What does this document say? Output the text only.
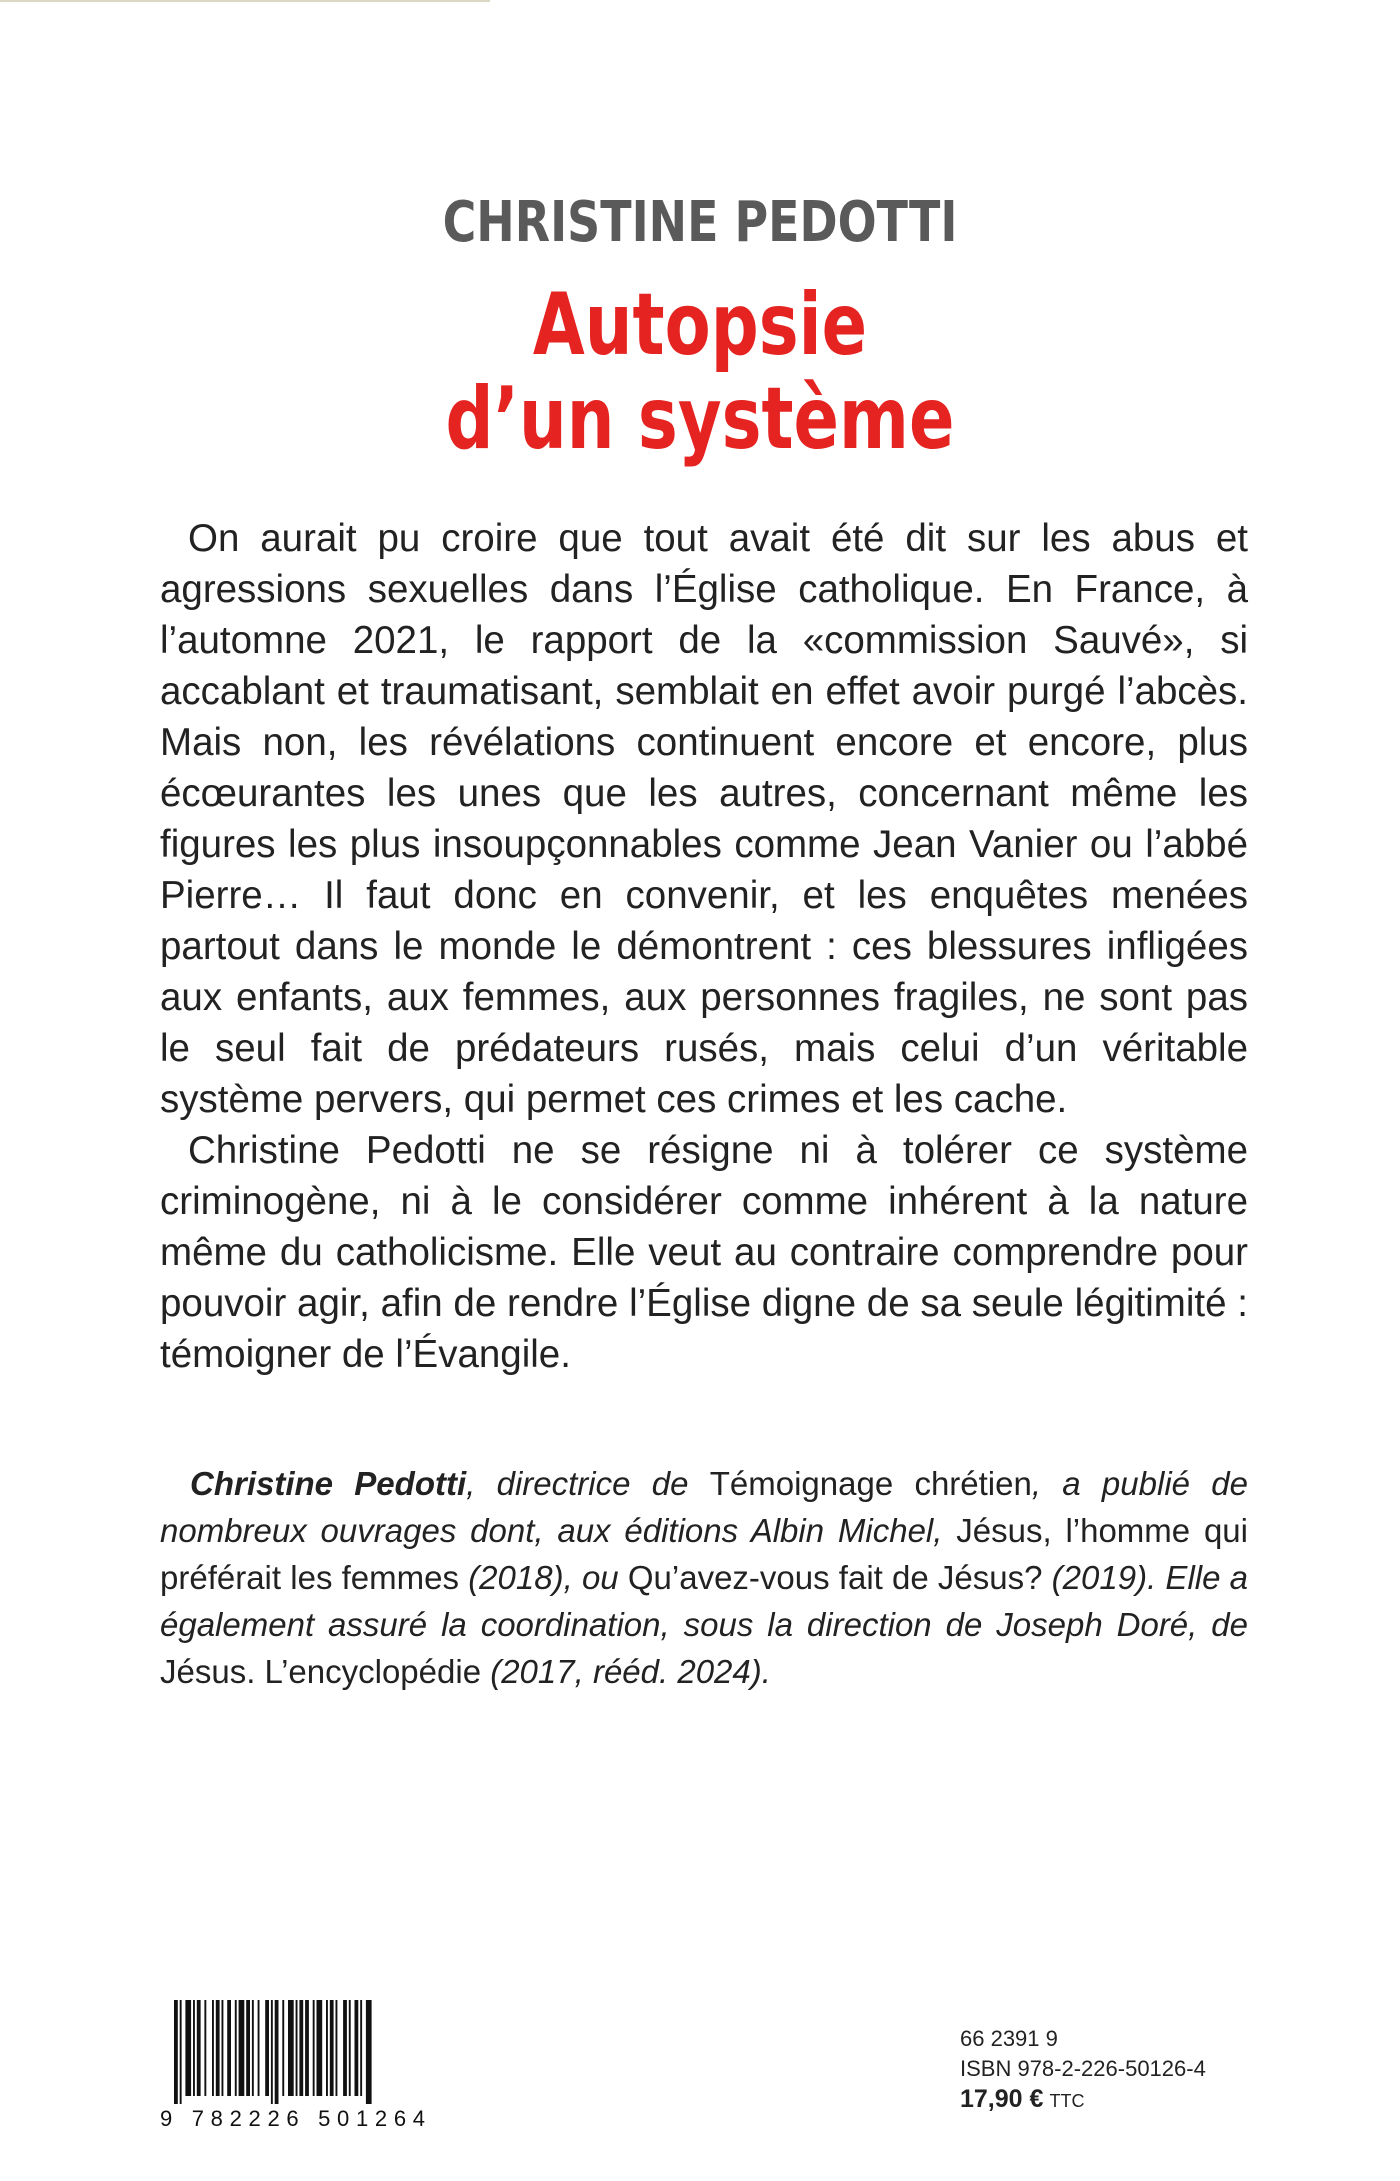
CHRISTINE PEDOTTI
Autopsie
d’un système

On aurait pu croire que tout avait été dit sur les abus et agressions sexuelles dans l’Église catholique. En France, à l’automne 2021, le rapport de la «commission Sauvé», si accablant et traumatisant, semblait en effet avoir purgé l’abcès. Mais non, les révélations continuent encore et encore, plus écœurantes les unes que les autres, concernant même les figures les plus insoupçonnables comme Jean Vanier ou l’abbé Pierre… Il faut donc en convenir, et les enquêtes menées partout dans le monde le démontrent : ces blessures infligées aux enfants, aux femmes, aux personnes fragiles, ne sont pas le seul fait de prédateurs rusés, mais celui d’un véritable système pervers, qui permet ces crimes et les cache.

Christine Pedotti ne se résigne ni à tolérer ce système criminogène, ni à le considérer comme inhérent à la nature même du catholicisme. Elle veut au contraire comprendre pour pouvoir agir, afin de rendre l’Église digne de sa seule légitimité : témoigner de l’Évangile.

Christine Pedotti, directrice de Témoignage chrétien, a publié de nombreux ouvrages dont, aux éditions Albin Michel, Jésus, l’homme qui préférait les femmes (2018), ou Qu’avez-vous fait de Jésus? (2019). Elle a également assuré la coordination, sous la direction de Joseph Doré, de Jésus. L’encyclopédie (2017, rééd. 2024).
9 782226 501264
66 2391 9
ISBN 978-2-226-50126-4
17,90 € TTC
